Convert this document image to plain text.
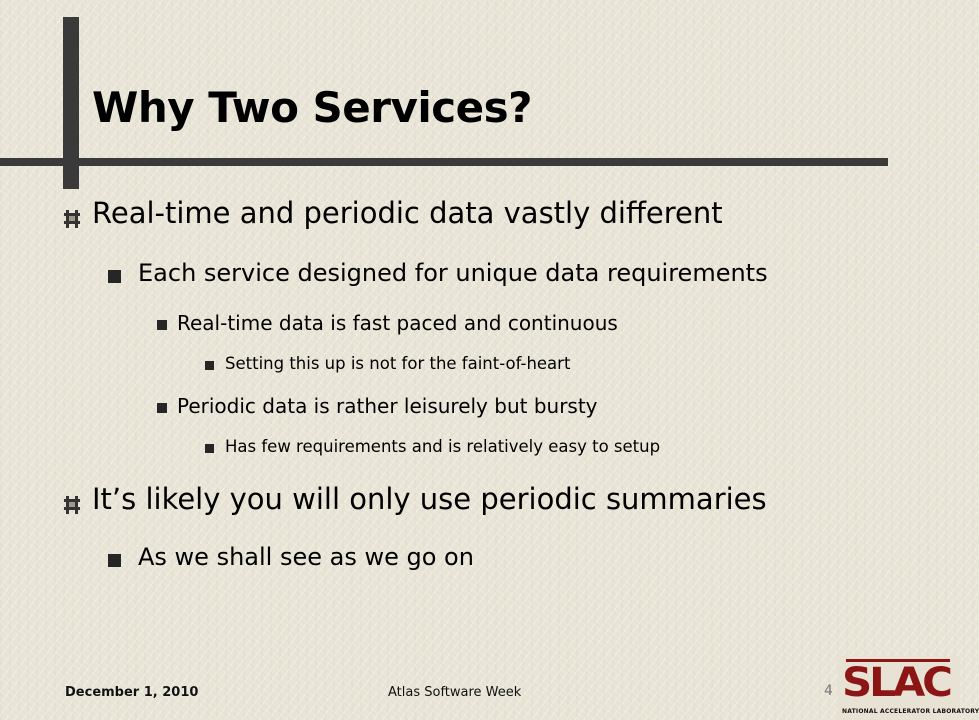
Why Two Services?
Real-time and periodic data vastly different
Each service designed for unique data requirements
Real-time data is fast paced and continuous
Setting this up is not for the faint-of-heart
Periodic data is rather leisurely but bursty
Has few requirements and is relatively easy to setup
It’s likely you will only use periodic summaries
As we shall see as we go on
December 1, 2010	Atlas Software Week	4 SLAC
NATIONAL ACCELERATOR LABORATORY
